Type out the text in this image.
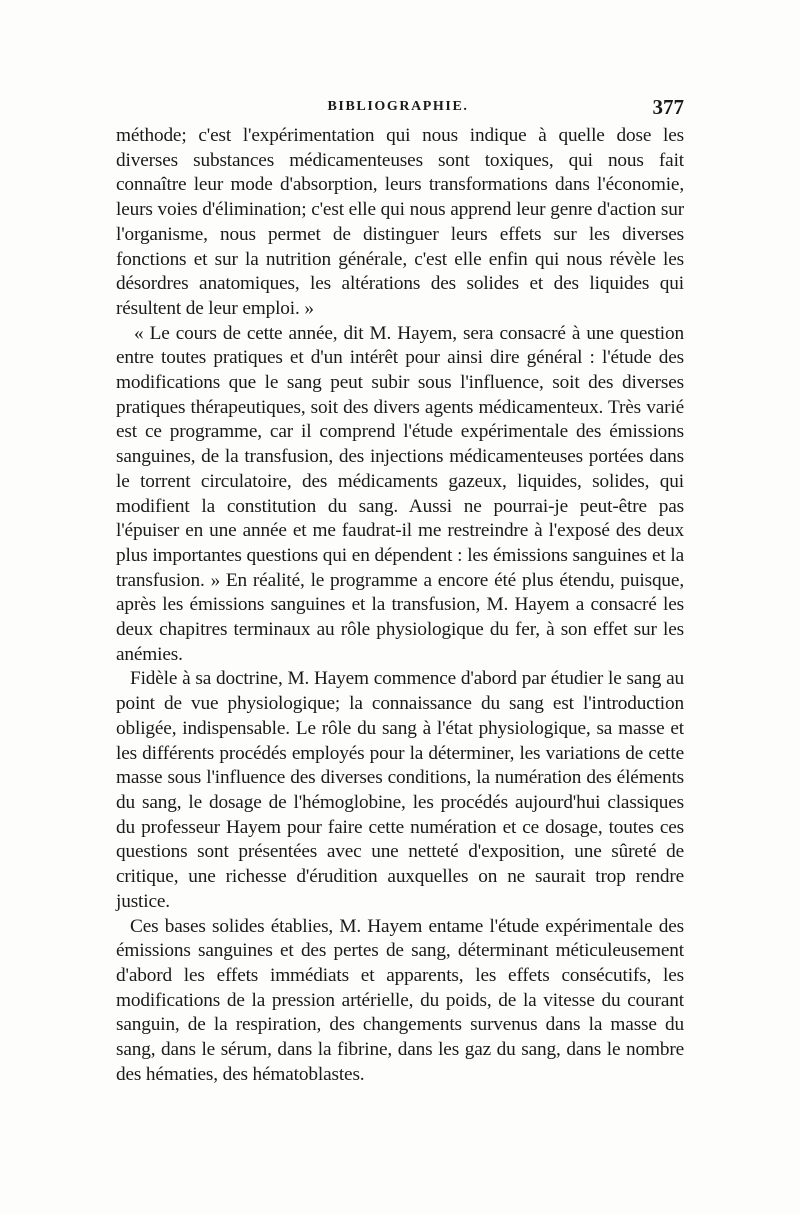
BIBLIOGRAPHIE.	377

méthode; c'est l'expérimentation qui nous indique à quelle dose les diverses substances médicamenteuses sont toxiques, qui nous fait connaître leur mode d'absorption, leurs transformations dans l'économie, leurs voies d'élimination; c'est elle qui nous apprend leur genre d'action sur l'organisme, nous permet de distinguer leurs effets sur les diverses fonctions et sur la nutrition générale, c'est elle enfin qui nous révèle les désordres anatomiques, les altérations des solides et des liquides qui résultent de leur emploi. »

« Le cours de cette année, dit M. Hayem, sera consacré à une question entre toutes pratiques et d'un intérêt pour ainsi dire général : l'étude des modifications que le sang peut subir sous l'influence, soit des diverses pratiques thérapeutiques, soit des divers agents médicamenteux. Très varié est ce programme, car il comprend l'étude expérimentale des émissions sanguines, de la transfusion, des injections médicamenteuses portées dans le torrent circulatoire, des médicaments gazeux, liquides, solides, qui modifient la constitution du sang. Aussi ne pourrai-je peut-être pas l'épuiser en une année et me faudrat-il me restreindre à l'exposé des deux plus importantes questions qui en dépendent : les émissions sanguines et la transfusion. » En réalité, le programme a encore été plus étendu, puisque, après les émissions sanguines et la transfusion, M. Hayem a consacré les deux chapitres terminaux au rôle physiologique du fer, à son effet sur les anémies.

Fidèle à sa doctrine, M. Hayem commence d'abord par étudier le sang au point de vue physiologique; la connaissance du sang est l'introduction obligée, indispensable. Le rôle du sang à l'état physiologique, sa masse et les différents procédés employés pour la déterminer, les variations de cette masse sous l'influence des diverses conditions, la numération des éléments du sang, le dosage de l'hémoglobine, les procédés aujourd'hui classiques du professeur Hayem pour faire cette numération et ce dosage, toutes ces questions sont présentées avec une netteté d'exposition, une sûreté de critique, une richesse d'érudition auxquelles on ne saurait trop rendre justice.

Ces bases solides établies, M. Hayem entame l'étude expérimentale des émissions sanguines et des pertes de sang, déterminant méticuleusement d'abord les effets immédiats et apparents, les effets consécutifs, les modifications de la pression artérielle, du poids, de la vitesse du courant sanguin, de la respiration, des changements survenus dans la masse du sang, dans le sérum, dans la fibrine, dans les gaz du sang, dans le nombre des hématies, des hématoblastes.
